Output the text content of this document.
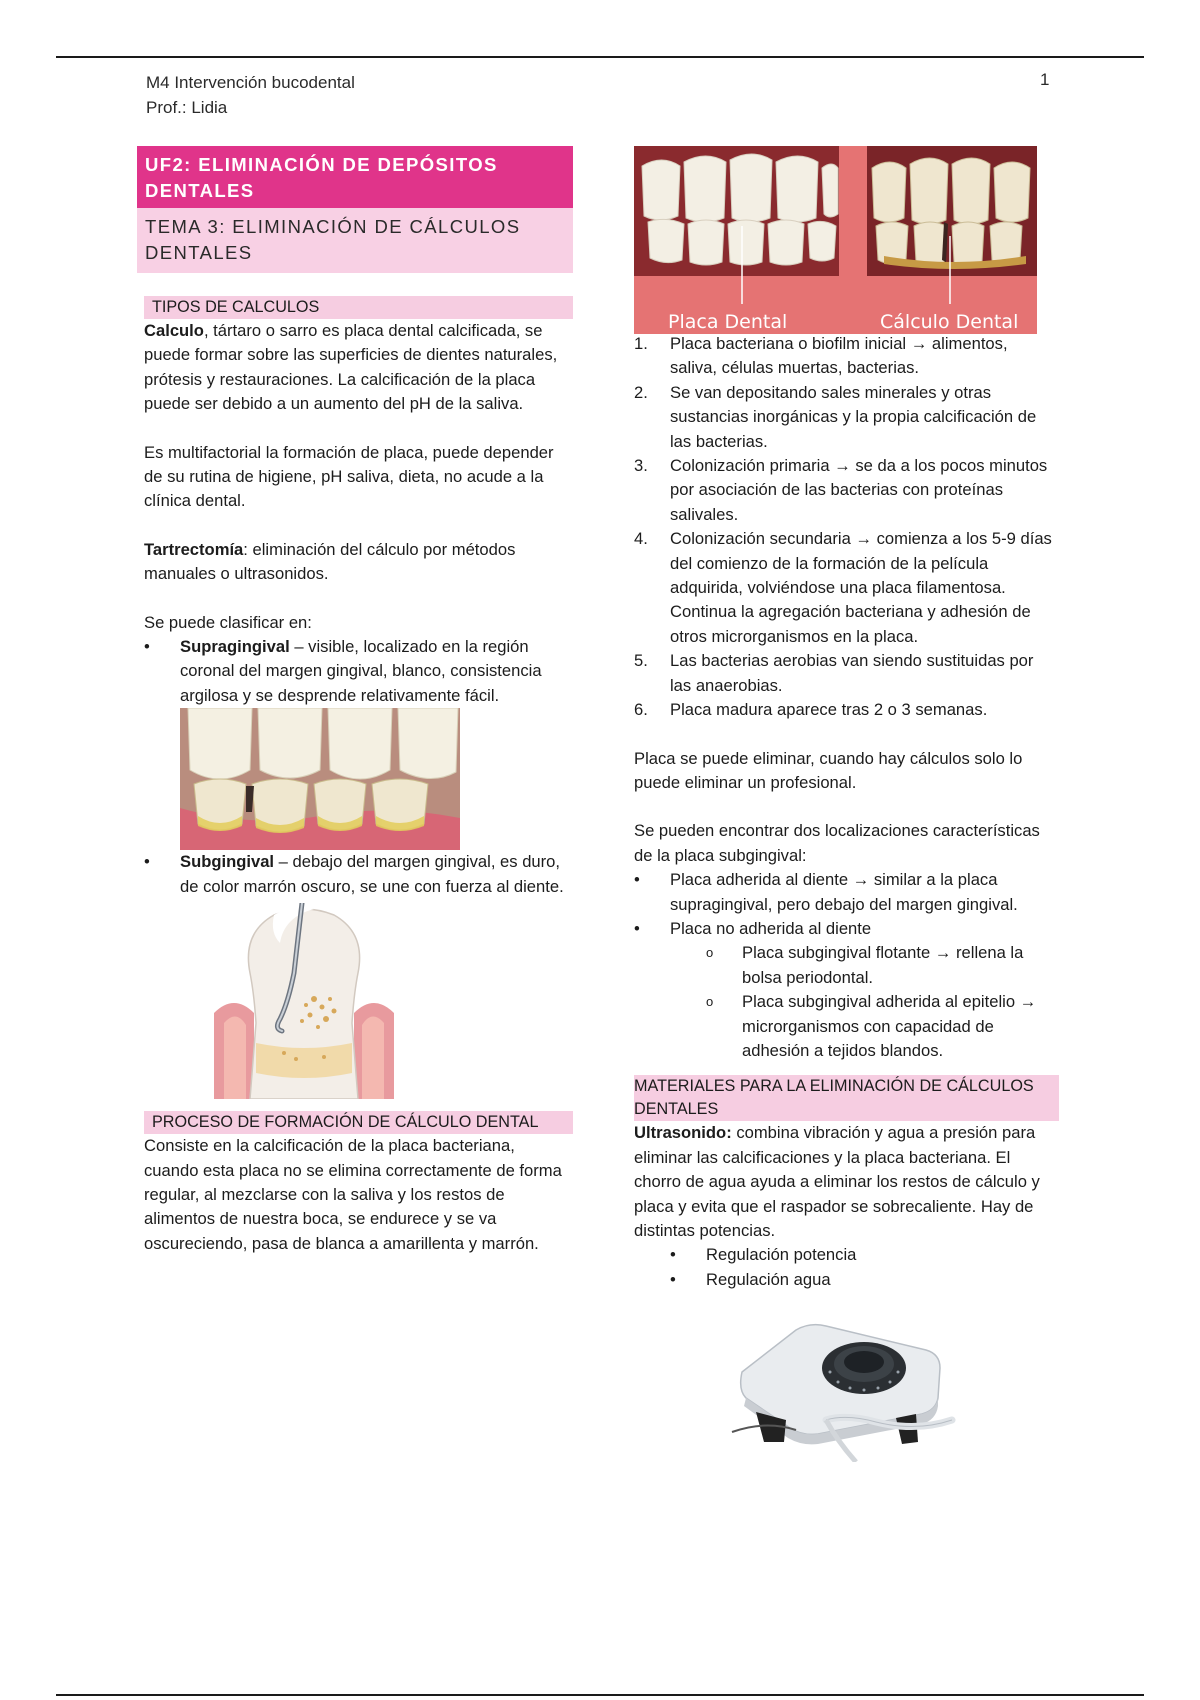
M4 Intervención bucodental
Prof.: Lidia
1
UF2: ELIMINACIÓN DE DEPÓSITOS DENTALES
TEMA 3: ELIMINACIÓN DE CÁLCULOS DENTALES
TIPOS DE CALCULOS

Calculo, tártaro o sarro es placa dental calcificada, se puede formar sobre las superficies de dientes naturales, prótesis y restauraciones. La calcificación de la placa puede ser debido a un aumento del pH de la saliva.

Es multifactorial la formación de placa, puede depender de su rutina de higiene, pH saliva, dieta, no acude a la clínica dental.

Tartrectomía: eliminación del cálculo por métodos manuales o ultrasonidos.

Se puede clasificar en:

• Supragingival – visible, localizado en la región coronal del margen gingival, blanco, consistencia argilosa y se desprende relativamente fácil.
• Subgingival – debajo del margen gingival, es duro, de color marrón oscuro, se une con fuerza al diente.
PROCESO DE FORMACIÓN DE CÁLCULO DENTAL

Consiste en la calcificación de la placa bacteriana, cuando esta placa no se elimina correctamente de forma regular, al mezclarse con la saliva y los restos de alimentos de nuestra boca, se endurece y se va oscureciendo, pasa de blanca a amarillenta y marrón.

Placa Dental	Cálculo Dental
1. Placa bacteriana o biofilm inicial → alimentos, saliva, células muertas, bacterias.
2. Se van depositando sales minerales y otras sustancias inorgánicas y la propia calcificación de las bacterias.
3. Colonización primaria → se da a los pocos minutos por asociación de las bacterias con proteínas salivales.
4. Colonización secundaria → comienza a los 5-9 días del comienzo de la formación de la película adquirida, volviéndose una placa filamentosa. Continua la agregación bacteriana y adhesión de otros microrganismos en la placa.
5. Las bacterias aerobias van siendo sustituidas por las anaerobias.
6. Placa madura aparece tras 2 o 3 semanas.

Placa se puede eliminar, cuando hay cálculos solo lo puede eliminar un profesional.

Se pueden encontrar dos localizaciones características de la placa subgingival:

• Placa adherida al diente → similar a la placa supragingival, pero debajo del margen gingival.
• Placa no adherida al diente
o Placa subgingival flotante → rellena la bolsa periodontal.
o Placa subgingival adherida al epitelio → microrganismos con capacidad de adhesión a tejidos blandos.
MATERIALES PARA LA ELIMINACIÓN DE CÁLCULOS DENTALES

Ultrasonido: combina vibración y agua a presión para eliminar las calcificaciones y la placa bacteriana. El chorro de agua ayuda a eliminar los restos de cálculo y placa y evita que el raspador se sobrecaliente. Hay de distintas potencias.

• Regulación potencia
• Regulación agua
